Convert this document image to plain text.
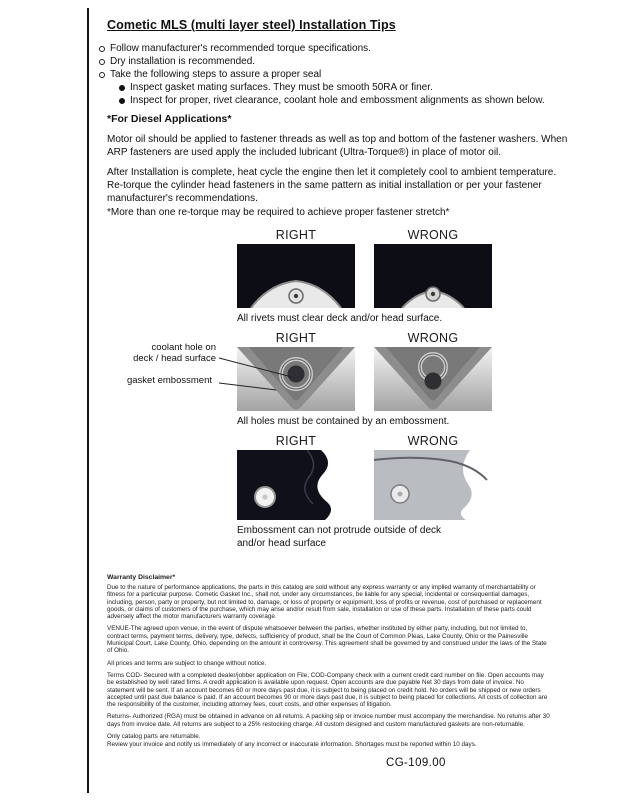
Cometic MLS (multi layer steel) Installation Tips
Follow manufacturer's recommended torque specifications.
Dry installation is recommended.
Take the following steps to assure a proper seal
Inspect gasket mating surfaces. They must be smooth 50RA or finer.
Inspect for proper, rivet clearance, coolant hole and embossment alignments as shown below.
*For Diesel Applications*

Motor oil should be applied to fastener threads as well as top and bottom of the fastener washers. When ARP fasteners are used apply the included lubricant (Ultra-Torque®) in place of motor oil.

After Installation is complete, heat cycle the engine then let it completely cool to ambient temperature. Re-torque the cylinder head fasteners in the same pattern as initial installation or per your fastener manufacturer's recommendations.

*More than one re-torque may be required to achieve proper fastener stretch*

RIGHT	WRONG
All rivets must clear deck and/or head surface.
RIGHT	WRONG
All holes must be contained by an embossment.
RIGHT	WRONG
Embossment can not protrude outside of deck
and/or head surface
coolant hole on
deck / head surface
gasket embossment
Warranty Disclaimer*

Due to the nature of performance applications, the parts in this catalog are sold without any express warranty or any implied warranty of merchantability or fitness for a particular purpose. Cometic Gasket Inc., shall not, under any circumstances, be liable for any special, incidental or consequential damages, including, person, party or property, but not limited to, damage, or loss of property or equipment, loss of profits or revenue, cost of purchased or replacement goods, or claims of customers of the purchase, which may arise and/or result from sale, installation or use of these parts. Installation of these parts could adversely affect the motor manufacturers warranty coverage.

VENUE-The agreed upon venue, in the event of dispute whatsoever between the parties, whether instituted by either party, including, but not limited to, contract terms, payment terms, delivery, type, defects, sufficiency of product, shall be the Court of Common Pleas, Lake County, Ohio or the Painesville Municipal Court, Lake County, Ohio, depending on the amount in controversy. This agreement shall be governed by and construed under the laws of the State of Ohio.

All prices and terms are subject to change without notice.

Terms COD- Secured with a completed dealer/jobber application on File, COD-Company check with a current credit card number on file. Open accounts may be established by well rated firms. A credit application is available upon request. Open accounts are due payable Net 30 days from date of invoice. No statement will be sent. If an account becomes 60 or more days past due, it is subject to being placed on credit hold. No orders will be shipped or new orders accepted until past due balance is paid. If an account becomes 90 or more days past due, it is subject to being placed for collections. All costs of collection are the responsibility of the customer, including attorney fees, court costs, and other expenses of litigation.

Returns- Authorized (RGA) must be obtained in advance on all returns. A packing slip or invoice number must accompany the merchandise. No returns after 30 days from invoice date. All returns are subject to a 25% restocking charge. All custom designed and custom manufactured gaskets are non-returnable.

Only catalog parts are returnable.

Review your invoice and notify us immediately of any incorrect or inaccurate information. Shortages must be reported within 10 days.

CG-109.00
